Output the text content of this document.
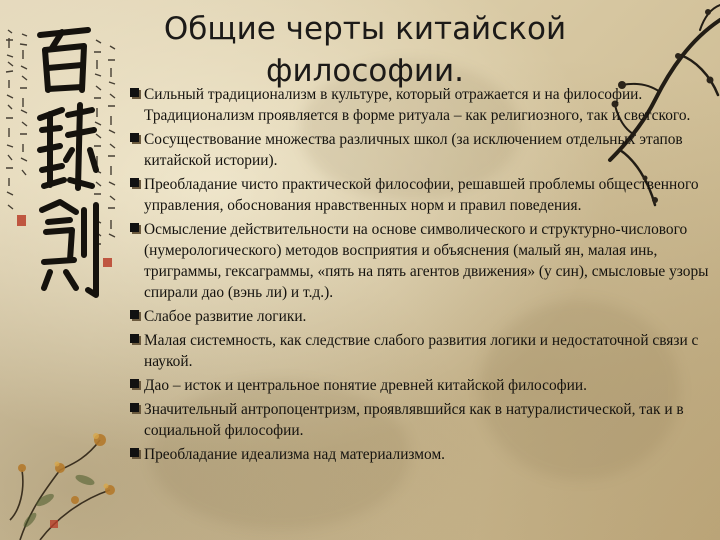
Общие черты китайской философии.
Сильный традиционализм в культуре, который отражается и на философии. Традиционализм проявляется в форме ритуала – как религиозного, так и светского.
Сосуществование множества различных школ (за исключением отдельных этапов китайской истории).
Преобладание чисто практической философии, решавшей проблемы общественного управления, обоснования нравственных норм и правил поведения.
Осмысление действительности на основе символического и структурно-числового (нумерологического) методов восприятия и объяснения (малый ян, малая инь, триграммы, гексаграммы, «пять на пять агентов движения» (у син), смысловые узоры спирали дао (вэнь ли) и т.д.).
Слабое развитие логики.
Малая системность, как следствие слабого развития логики и недостаточной связи с наукой.
Дао – исток и центральное понятие древней китайской философии.
Значительный антропоцентризм, проявлявшийся как в натуралистической, так и в социальной философии.
Преобладание идеализма над материализмом.
